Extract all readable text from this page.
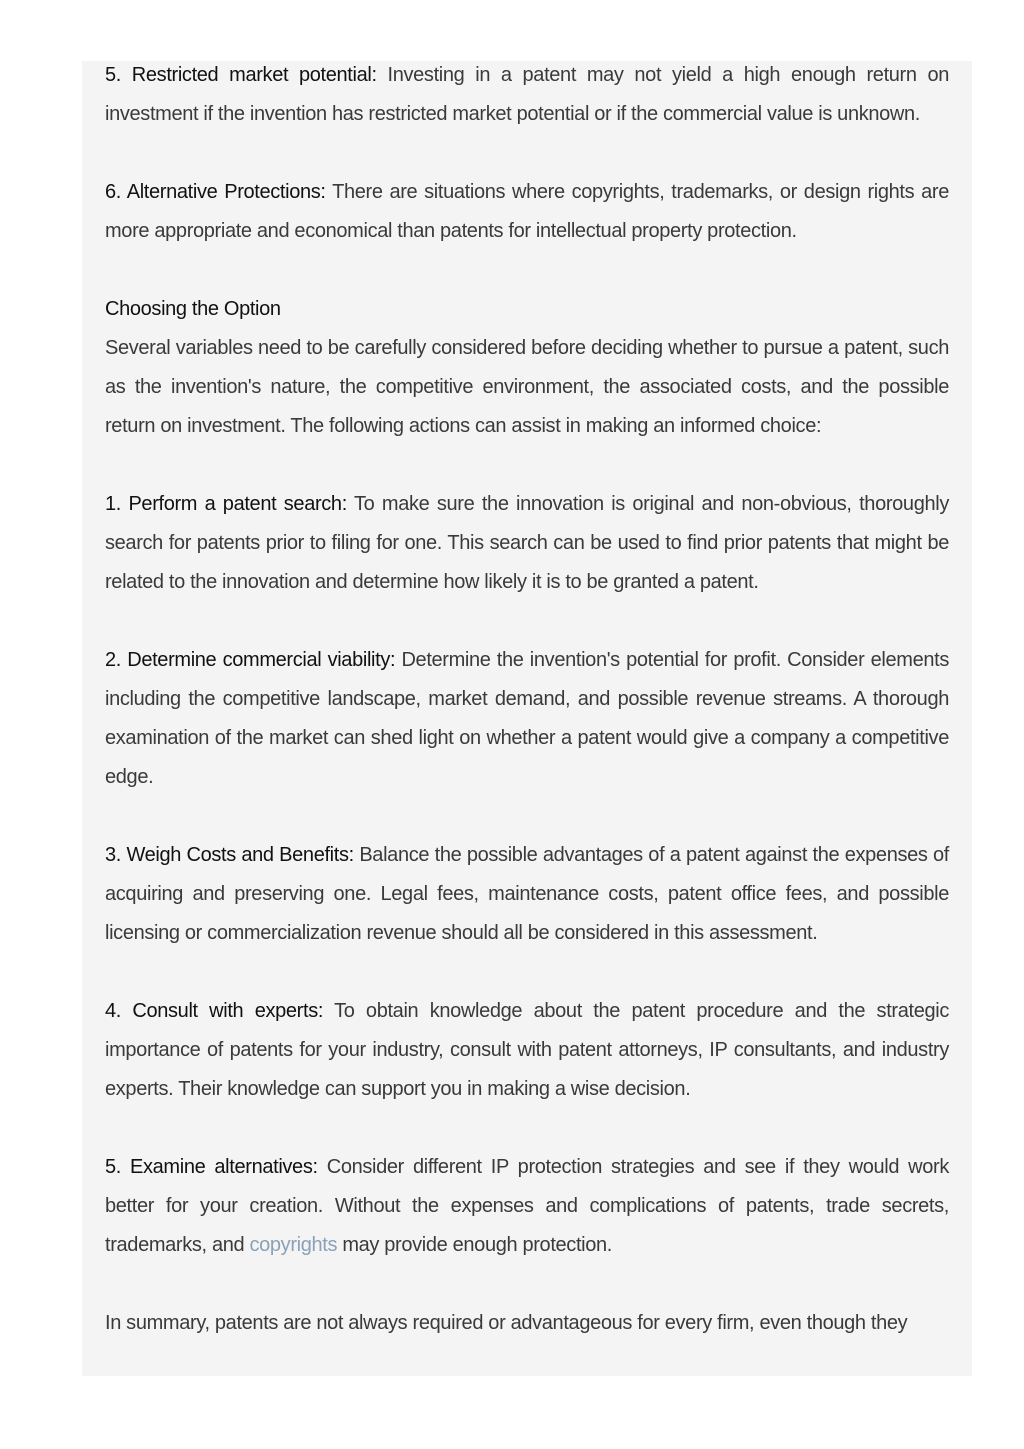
5. Restricted market potential: Investing in a patent may not yield a high enough return on investment if the invention has restricted market potential or if the commercial value is unknown.

6. Alternative Protections: There are situations where copyrights, trademarks, or design rights are more appropriate and economical than patents for intellectual property protection.

Choosing the Option

Several variables need to be carefully considered before deciding whether to pursue a patent, such as the invention's nature, the competitive environment, the associated costs, and the possible return on investment. The following actions can assist in making an informed choice:

1. Perform a patent search: To make sure the innovation is original and non-obvious, thoroughly search for patents prior to filing for one. This search can be used to find prior patents that might be related to the innovation and determine how likely it is to be granted a patent.

2. Determine commercial viability: Determine the invention's potential for profit. Consider elements including the competitive landscape, market demand, and possible revenue streams. A thorough examination of the market can shed light on whether a patent would give a company a competitive edge.

3. Weigh Costs and Benefits: Balance the possible advantages of a patent against the expenses of acquiring and preserving one. Legal fees, maintenance costs, patent office fees, and possible licensing or commercialization revenue should all be considered in this assessment.

4. Consult with experts: To obtain knowledge about the patent procedure and the strategic importance of patents for your industry, consult with patent attorneys, IP consultants, and industry experts. Their knowledge can support you in making a wise decision.

5. Examine alternatives: Consider different IP protection strategies and see if they would work better for your creation. Without the expenses and complications of patents, trade secrets, trademarks, and copyrights may provide enough protection.

In summary, patents are not always required or advantageous for every firm, even though they
